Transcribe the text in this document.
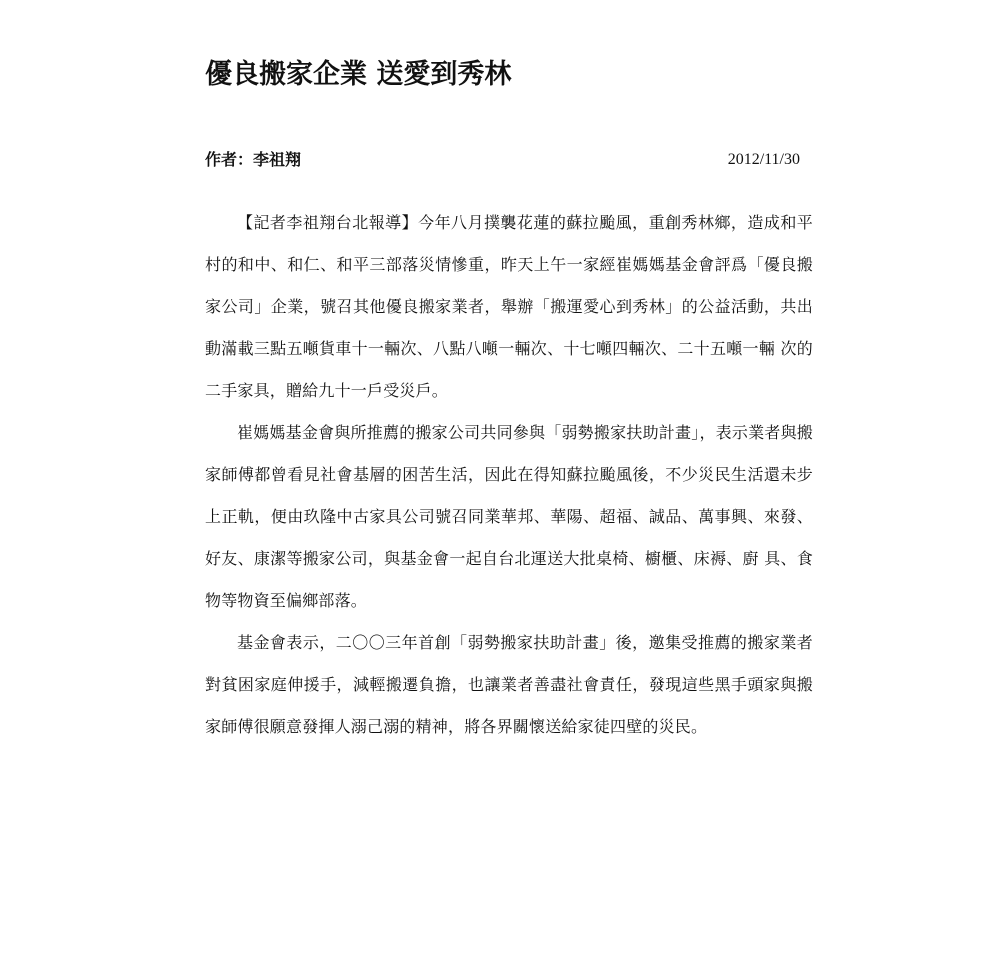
優良搬家企業 送愛到秀林
作者：李祖翔	2012/11/30

【記者李祖翔台北報導】今年八月撲襲花蓮的蘇拉颱風，重創秀林鄉，造成和平村的和中、和仁、和平三部落災情慘重，昨天上午一家經崔媽媽基金會評爲「優良搬 家公司」企業，號召其他優良搬家業者，舉辦「搬運愛心到秀林」的公益活動，共出動滿載三點五噸貨車十一輛次、八點八噸一輛次、十七噸四輛次、二十五噸一輛 次的二手家具，贈給九十一戶受災戶。

崔媽媽基金會與所推薦的搬家公司共同參與「弱勢搬家扶助計畫」，表示業者與搬家師傅都曾看見社會基層的困苦生活，因此在得知蘇拉颱風後，不少災民生活還未步上正軌，便由玖隆中古家具公司號召同業華邦、華陽、超福、誠品、萬事興、來發、好友、康潔等搬家公司，與基金會一起自台北運送大批桌椅、櫥櫃、床褥、廚 具、食物等物資至偏鄉部落。

基金會表示，二〇〇三年首創「弱勢搬家扶助計畫」後，邀集受推薦的搬家業者對貧困家庭伸援手，減輕搬遷負擔，也讓業者善盡社會責任，發現這些黑手頭家與搬家師傅很願意發揮人溺己溺的精神，將各界關懷送給家徒四壁的災民。
